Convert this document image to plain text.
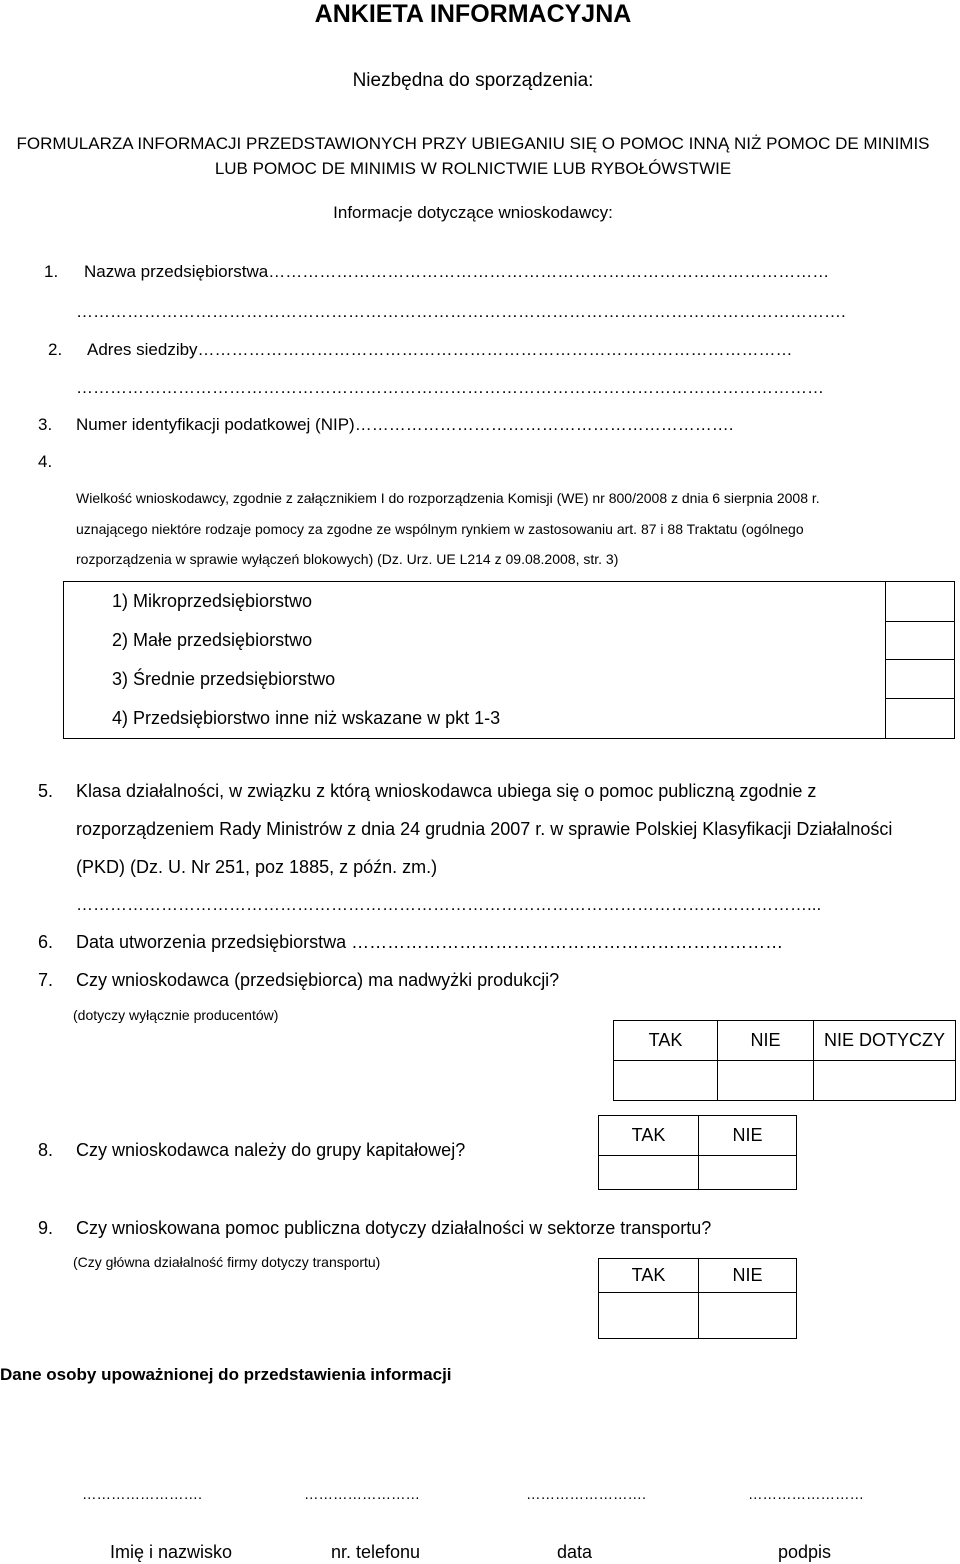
ANKIETA INFORMACYJNA
Niezbędna do sporządzenia:
FORMULARZA INFORMACJI PRZEDSTAWIONYCH PRZY UBIEGANIU SIĘ O POMOC INNĄ NIŻ POMOC DE MINIMIS LUB POMOC DE MINIMIS W ROLNICTWIE LUB RYBOŁÓWSTWIE
Informacje dotyczące wnioskodawcy:
1. Nazwa przedsiębiorstwa………………………………………………………………………………………
……………………………………………………………………………………………………………………….
2. Adres siedziby……………………………………………………………………………………………
……………………………………………………………………………………………………………………
3. Numer identyfikacji podatkowej (NIP)………………………………………………………….
4.
Wielkość wnioskodawcy, zgodnie z załącznikiem I do rozporządzenia Komisji (WE) nr 800/2008 z dnia 6 sierpnia 2008 r.
uznającego niektóre rodzaje pomocy za zgodne ze wspólnym rynkiem w zastosowaniu art. 87 i 88 Traktatu (ogólnego
rozporządzenia w sprawie wyłączeń blokowych) (Dz. Urz. UE L214 z 09.08.2008, str. 3)
1) Mikroprzedsiębiorstwo	
2) Małe przedsiębiorstwo	
3) Średnie przedsiębiorstwo	
4) Przedsiębiorstwo inne niż wskazane w pkt 1-3	
5. Klasa działalności, w związku z którą wnioskodawca ubiega się o pomoc publiczną zgodnie z
rozporządzeniem Rady Ministrów z dnia 24 grudnia 2007 r. w sprawie Polskiej Klasyfikacji Działalności
(PKD) (Dz. U. Nr 251, poz 1885, z późn. zm.)
…………………………………………………………………………………………………………………...
6. Data utworzenia przedsiębiorstwa ………………………………………………………………
7. Czy wnioskodawca (przedsiębiorca) ma nadwyżki produkcji?
(dotyczy wyłącznie producentów)
TAK	NIE	NIE DOTYCZY

8. Czy wnioskodawca należy do grupy kapitałowej?
TAK	NIE

9. Czy wnioskowana pomoc publiczna dotyczy działalności w sektorze transportu?
(Czy główna działalność firmy dotyczy transportu)
TAK	NIE

Dane osoby upoważnionej do przedstawienia informacji
…………………….	……………………	…………………….	……………………
Imię i nazwisko	nr. telefonu	data	podpis
